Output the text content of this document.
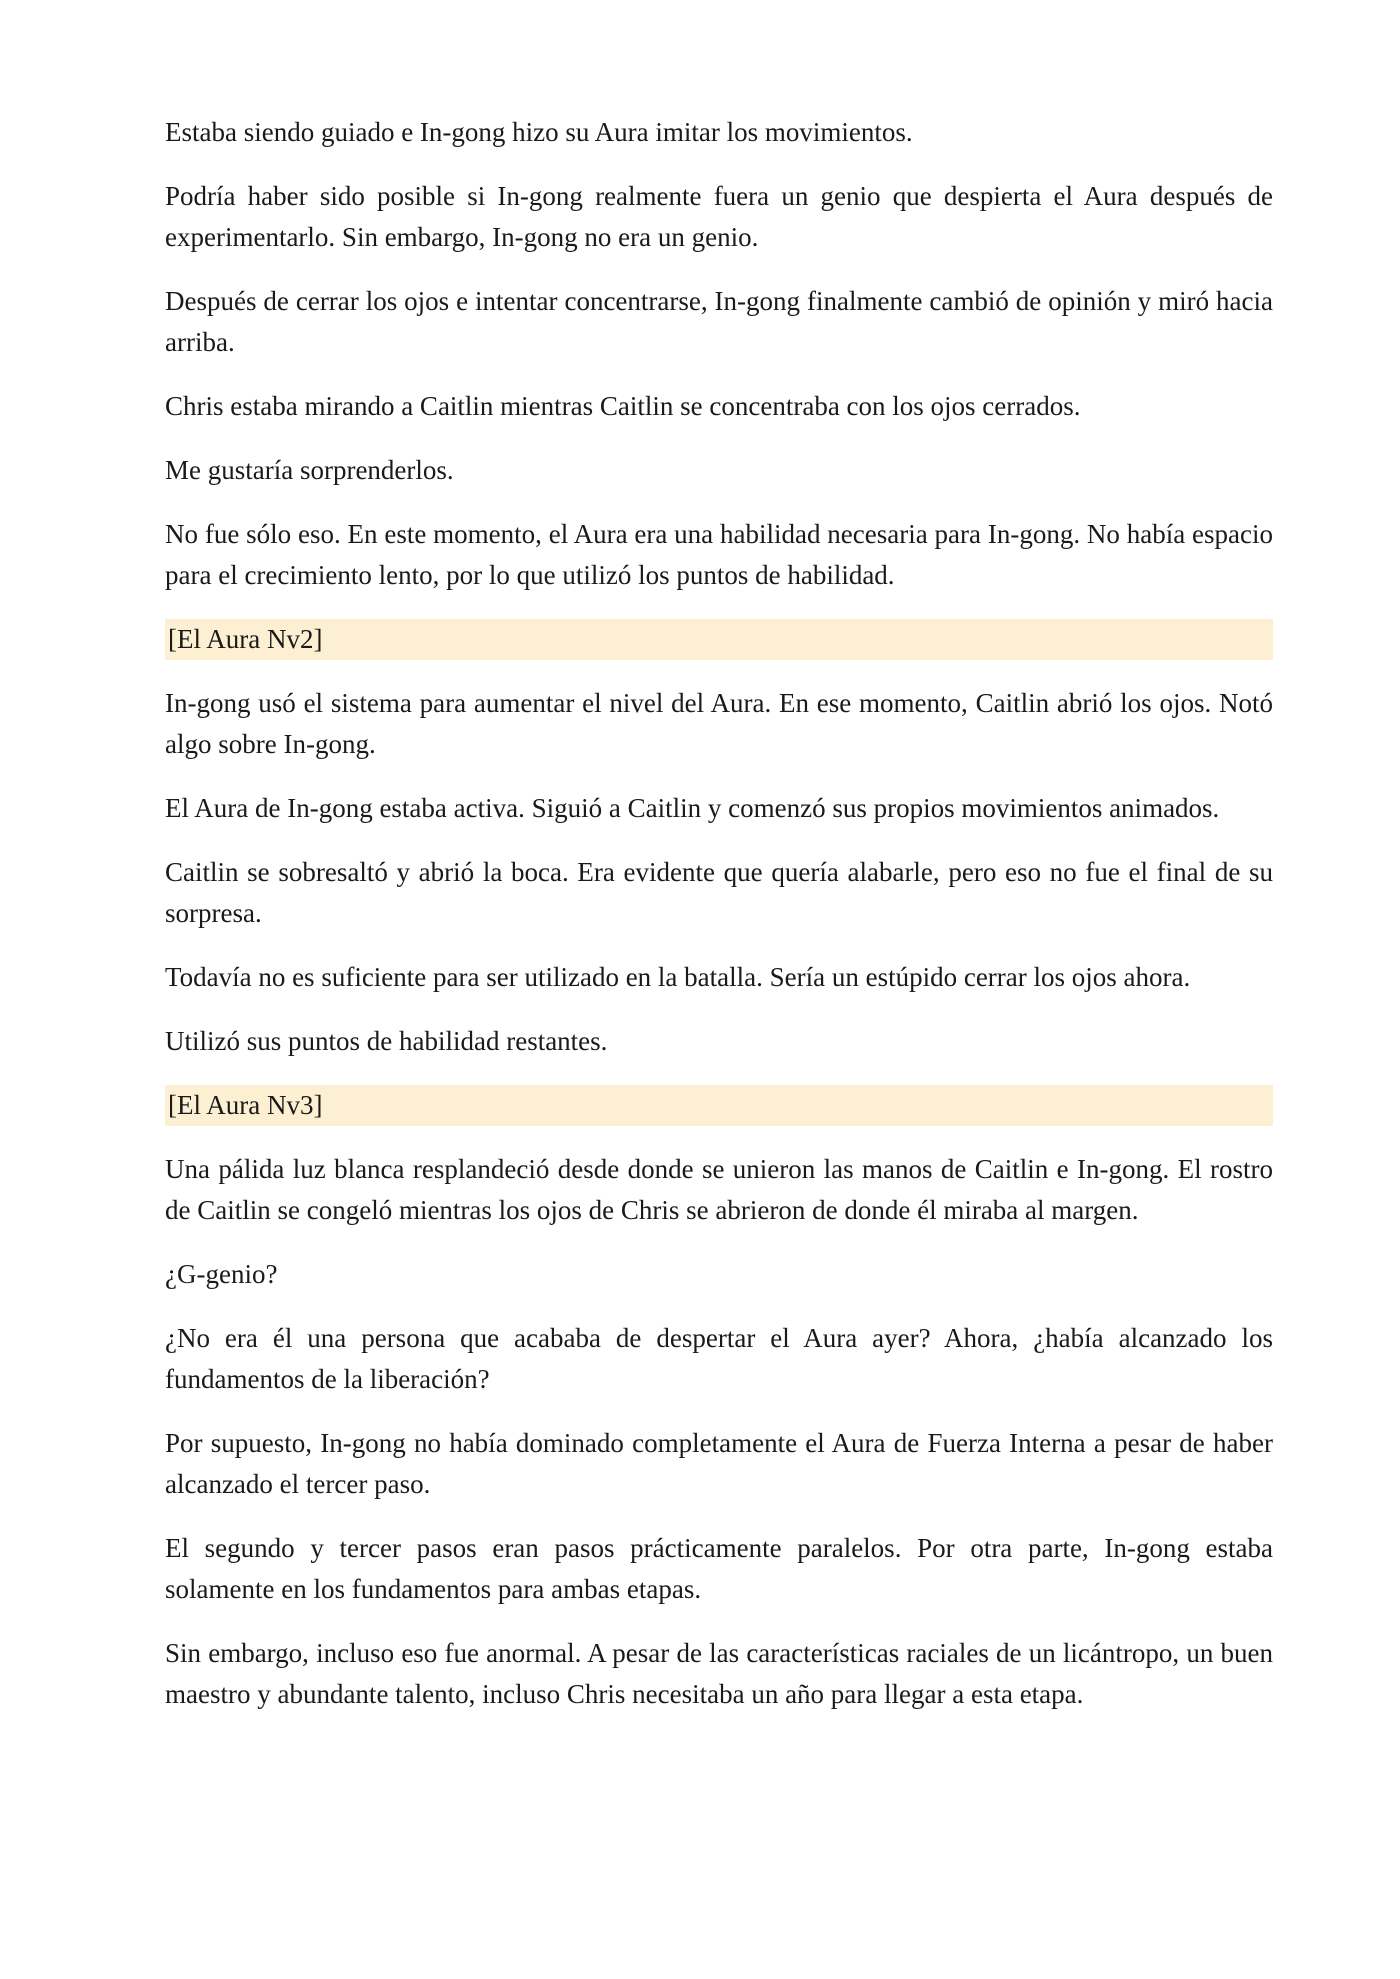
Estaba siendo guiado e In-gong hizo su Aura imitar los movimientos.

Podría haber sido posible si In-gong realmente fuera un genio que despierta el Aura después de experimentarlo. Sin embargo, In-gong no era un genio.

Después de cerrar los ojos e intentar concentrarse, In-gong finalmente cambió de opinión y miró hacia arriba.

Chris estaba mirando a Caitlin mientras Caitlin se concentraba con los ojos cerrados.

Me gustaría sorprenderlos.

No fue sólo eso. En este momento, el Aura era una habilidad necesaria para In-gong. No había espacio para el crecimiento lento, por lo que utilizó los puntos de habilidad.

[El Aura Nv2]

In-gong usó el sistema para aumentar el nivel del Aura. En ese momento, Caitlin abrió los ojos. Notó algo sobre In-gong.

El Aura de In-gong estaba activa. Siguió a Caitlin y comenzó sus propios movimientos animados.

Caitlin se sobresaltó y abrió la boca. Era evidente que quería alabarle, pero eso no fue el final de su sorpresa.

Todavía no es suficiente para ser utilizado en la batalla. Sería un estúpido cerrar los ojos ahora.

Utilizó sus puntos de habilidad restantes.

[El Aura Nv3]

Una pálida luz blanca resplandeció desde donde se unieron las manos de Caitlin e In-gong. El rostro de Caitlin se congeló mientras los ojos de Chris se abrieron de donde él miraba al margen.

¿G-genio?

¿No era él una persona que acababa de despertar el Aura ayer? Ahora, ¿había alcanzado los fundamentos de la liberación?

Por supuesto, In-gong no había dominado completamente el Aura de Fuerza Interna a pesar de haber alcanzado el tercer paso.

El segundo y tercer pasos eran pasos prácticamente paralelos. Por otra parte, In-gong estaba solamente en los fundamentos para ambas etapas.

Sin embargo, incluso eso fue anormal. A pesar de las características raciales de un licántropo, un buen maestro y abundante talento, incluso Chris necesitaba un año para llegar a esta etapa.
